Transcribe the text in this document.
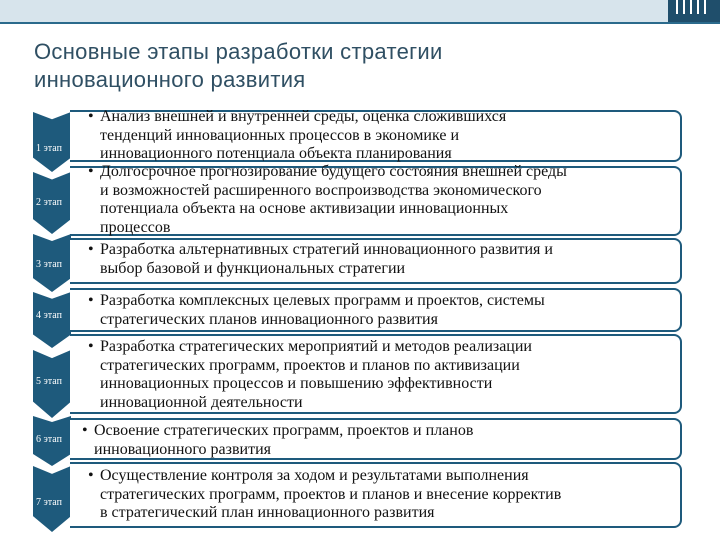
Основные этапы разработки стратегии
инновационного развития
1 этап
• Анализ внешней и внутренней среды, оценка сложившихся
тенденций инновационных процессов в экономике и
инновационного потенциала объекта планирования
2 этап
• Долгосрочное прогнозирование будущего состояния внешней среды
и возможностей расширенного воспроизводства экономического
потенциала объекта на основе активизации инновационных
процессов
3 этап
• Разработка альтернативных стратегий инновационного развития и
выбор базовой и функциональных стратегии
4 этап
• Разработка комплексных целевых программ и проектов, системы
стратегических планов инновационного развития
5 этап
• Разработка стратегических мероприятий и методов реализации
стратегических программ, проектов и планов по активизации
инновационных процессов и повышению эффективности
инновационной деятельности
6 этап
• Освоение стратегических программ, проектов и планов
инновационного развития
7 этап
• Осуществление контроля за ходом и результатами выполнения
стратегических программ, проектов и планов и внесение корректив
в стратегический план инновационного развития
